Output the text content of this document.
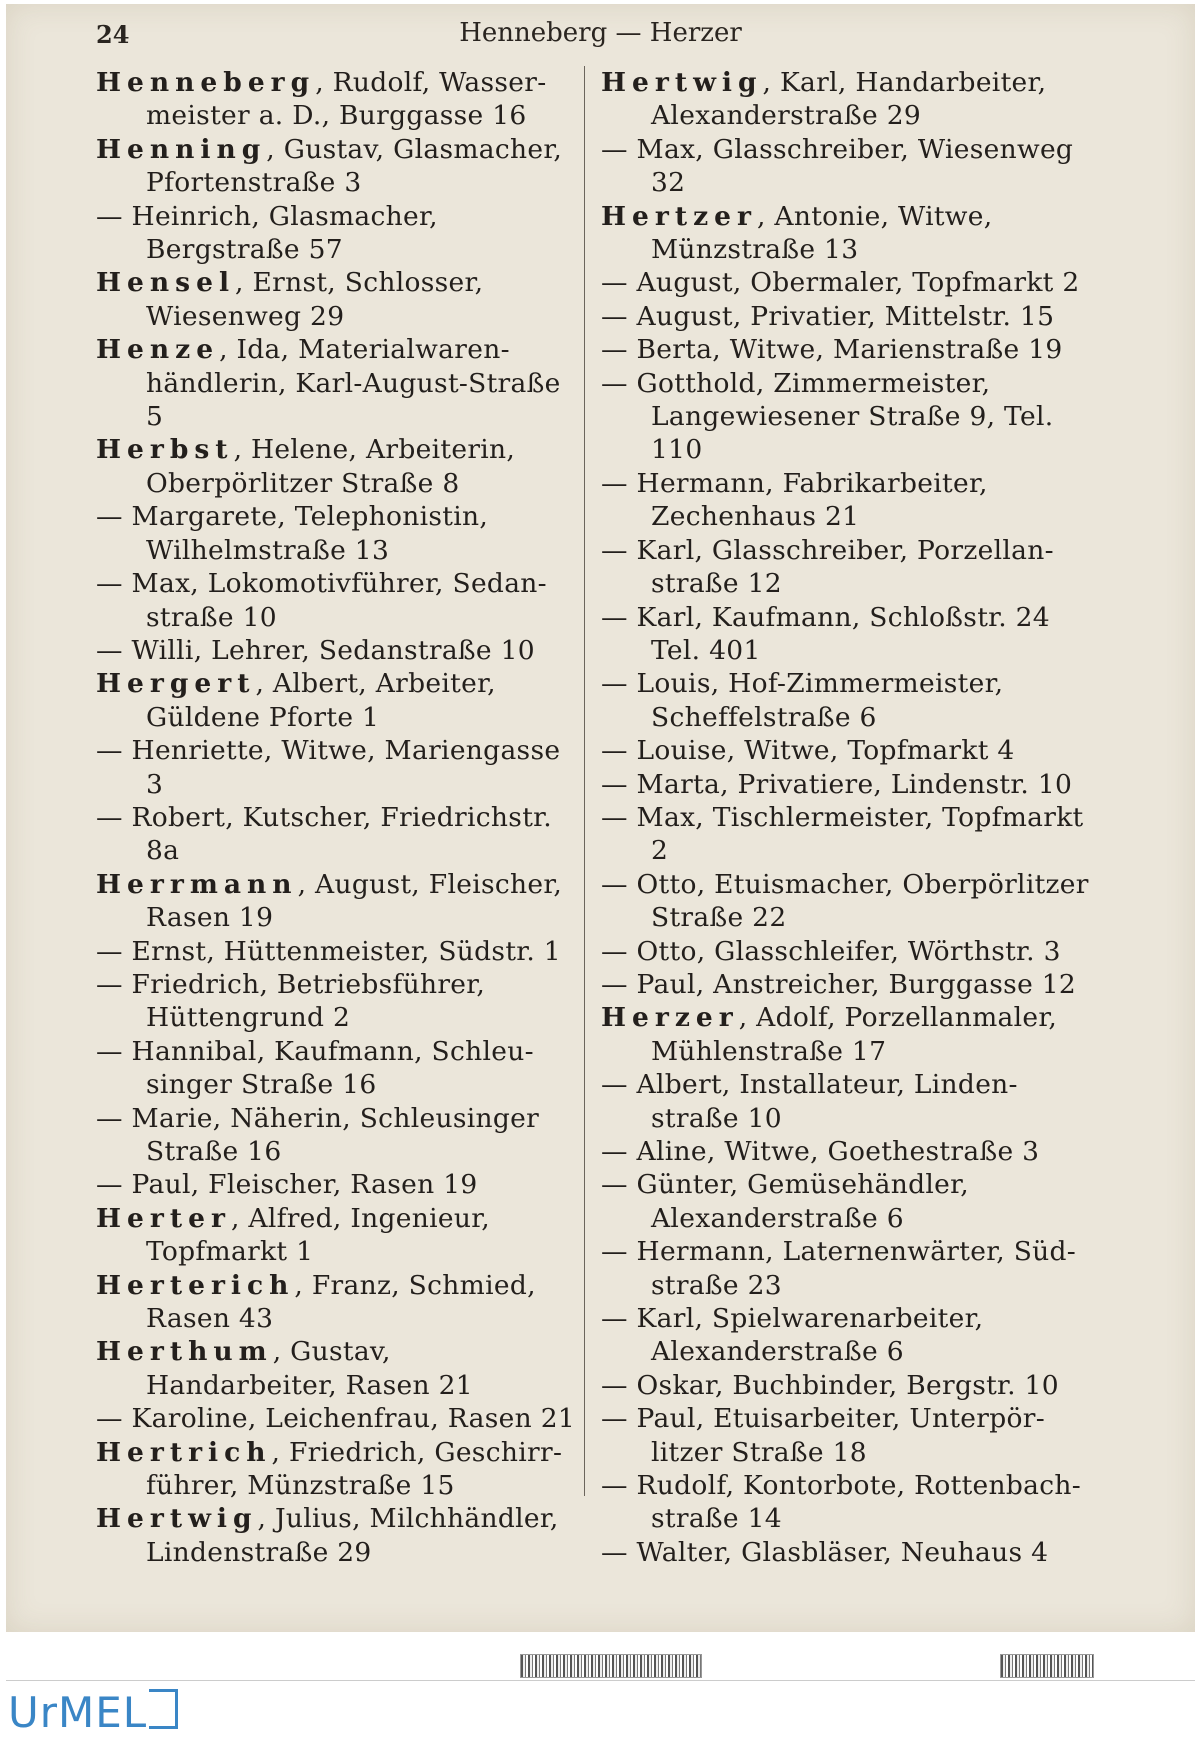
24	Henneberg — Herzer

Henneberg, Rudolf, Wassermeister a. D., Burggasse 16

Henning, Gustav, Glasmacher, Pfortenstraße 3

— Heinrich, Glasmacher, Bergstraße 57

Hensel, Ernst, Schlosser, Wiesenweg 29

Henze, Ida, Materialwarenhändlerin, Karl-August-Straße 5

Herbst, Helene, Arbeiterin, Oberpörlitzer Straße 8

— Margarete, Telephonistin, Wilhelmstraße 13

— Max, Lokomotivführer, Sedanstraße 10

— Willi, Lehrer, Sedanstraße 10

Hergert, Albert, Arbeiter, Güldene Pforte 1

— Henriette, Witwe, Mariengasse 3

— Robert, Kutscher, Friedrichstr. 8a

Herrmann, August, Fleischer, Rasen 19

— Ernst, Hüttenmeister, Südstr. 1

— Friedrich, Betriebsführer, Hüttengrund 2

— Hannibal, Kaufmann, Schleusinger Straße 16

— Marie, Näherin, Schleusinger Straße 16

— Paul, Fleischer, Rasen 19

Herter, Alfred, Ingenieur, Topfmarkt 1

Herterich, Franz, Schmied, Rasen 43

Herthum, Gustav, Handarbeiter, Rasen 21

— Karoline, Leichenfrau, Rasen 21

Hertrich, Friedrich, Geschirrführer, Münzstraße 15

Hertwig, Julius, Milchhändler, Lindenstraße 29

Hertwig, Karl, Handarbeiter, Alexanderstraße 29

— Max, Glasschreiber, Wiesenweg 32

Hertzer, Antonie, Witwe, Münzstraße 13

— August, Obermaler, Topfmarkt 2

— August, Privatier, Mittelstr. 15

— Berta, Witwe, Marienstraße 19

— Gotthold, Zimmermeister, Langewiesener Straße 9, Tel. 110

— Hermann, Fabrikarbeiter, Zechenhaus 21

— Karl, Glasschreiber, Porzellanstraße 12

— Karl, Kaufmann, Schloßstr. 24 Tel. 401

— Louis, Hof-Zimmermeister, Scheffelstraße 6

— Louise, Witwe, Topfmarkt 4

— Marta, Privatiere, Lindenstr. 10

— Max, Tischlermeister, Topfmarkt 2

— Otto, Etuismacher, Oberpörlitzer Straße 22

— Otto, Glasschleifer, Wörthstr. 3

— Paul, Anstreicher, Burggasse 12

Herzer, Adolf, Porzellanmaler, Mühlenstraße 17

— Albert, Installateur, Lindenstraße 10

— Aline, Witwe, Goethestraße 3

— Günter, Gemüsehändler, Alexanderstraße 6

— Hermann, Laternenwärter, Südstraße 23

— Karl, Spielwarenarbeiter, Alexanderstraße 6

— Oskar, Buchbinder, Bergstr. 10

— Paul, Etuisarbeiter, Unterpörlitzer Straße 18

— Rudolf, Kontorbote, Rottenbachstraße 14

— Walter, Glasbläser, Neuhaus 4

UrMEL
